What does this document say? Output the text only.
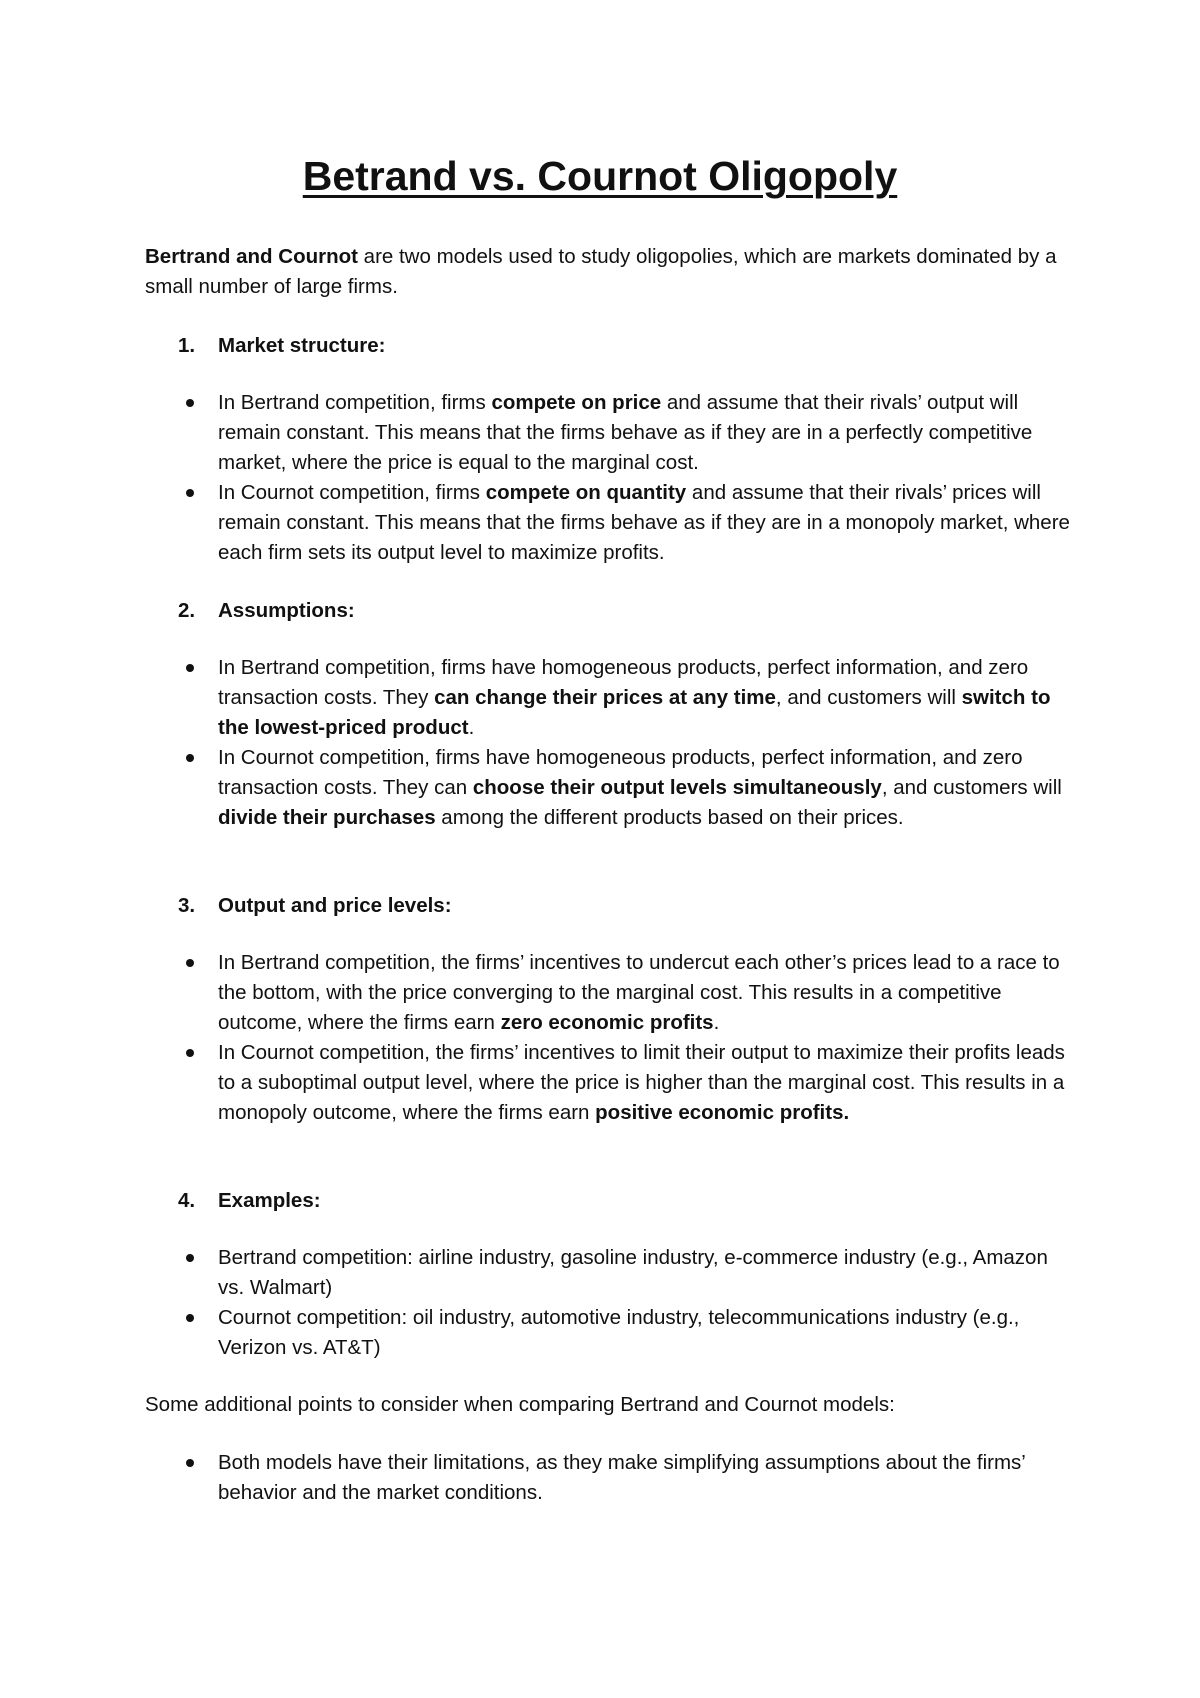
Betrand vs. Cournot Oligopoly

Bertrand and Cournot are two models used to study oligopolies, which are markets dominated by a small number of large firms.

1. Market structure:

In Bertrand competition, firms compete on price and assume that their rivals’ output will remain constant. This means that the firms behave as if they are in a perfectly competitive market, where the price is equal to the marginal cost.
In Cournot competition, firms compete on quantity and assume that their rivals’ prices will remain constant. This means that the firms behave as if they are in a monopoly market, where each firm sets its output level to maximize profits.

2. Assumptions:

In Bertrand competition, firms have homogeneous products, perfect information, and zero transaction costs. They can change their prices at any time, and customers will switch to the lowest-priced product.
In Cournot competition, firms have homogeneous products, perfect information, and zero transaction costs. They can choose their output levels simultaneously, and customers will divide their purchases among the different products based on their prices.

3. Output and price levels:

In Bertrand competition, the firms’ incentives to undercut each other’s prices lead to a race to the bottom, with the price converging to the marginal cost. This results in a competitive outcome, where the firms earn zero economic profits.
In Cournot competition, the firms’ incentives to limit their output to maximize their profits leads to a suboptimal output level, where the price is higher than the marginal cost. This results in a monopoly outcome, where the firms earn positive economic profits.

4. Examples:

Bertrand competition: airline industry, gasoline industry, e-commerce industry (e.g., Amazon vs. Walmart)
Cournot competition: oil industry, automotive industry, telecommunications industry (e.g., Verizon vs. AT&T)

Some additional points to consider when comparing Bertrand and Cournot models:

Both models have their limitations, as they make simplifying assumptions about the firms’ behavior and the market conditions.
